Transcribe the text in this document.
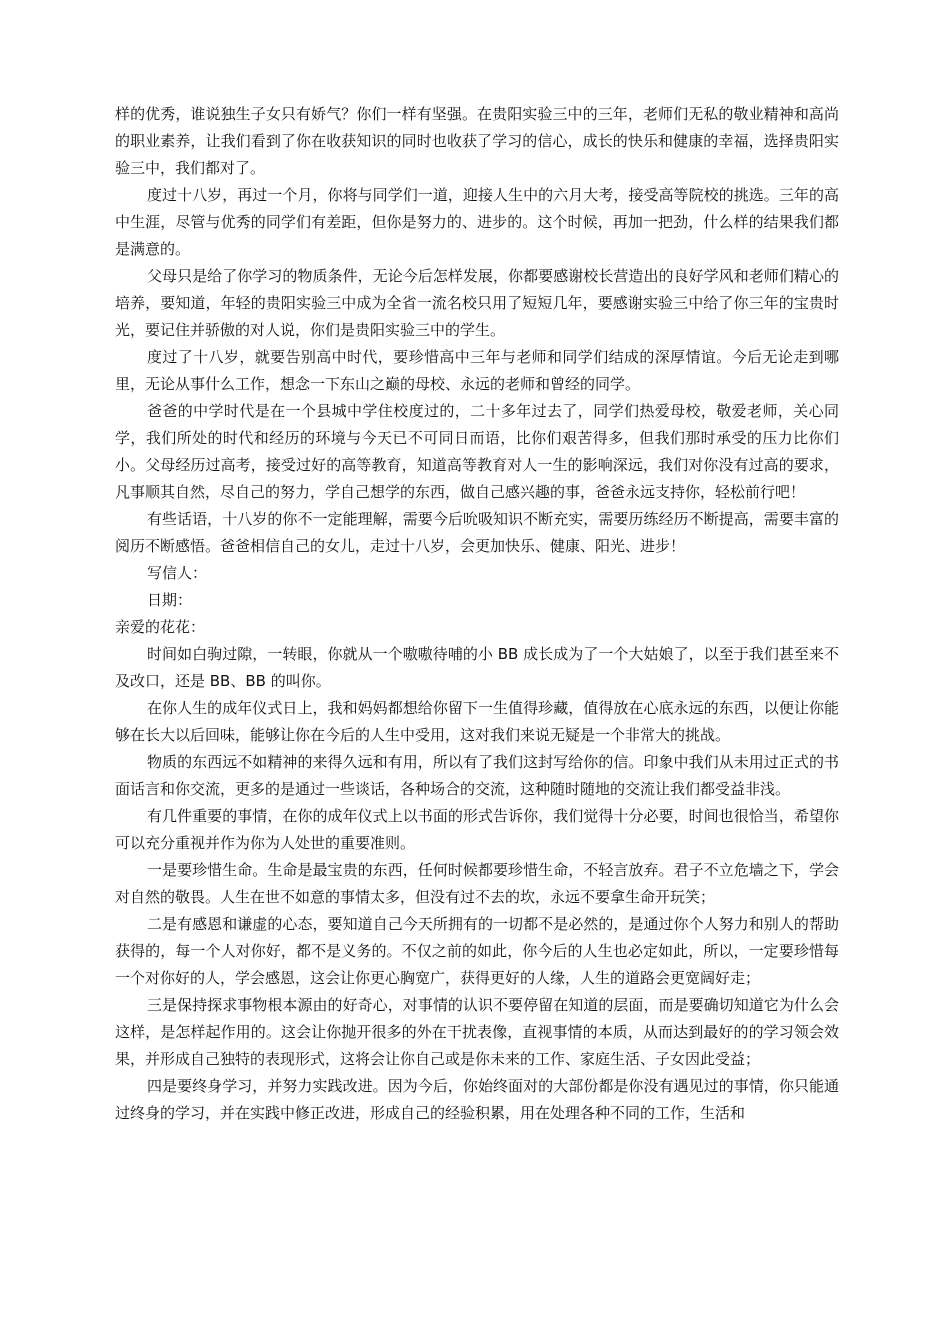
样的优秀，谁说独生子女只有娇气？你们一样有坚强。在贵阳实验三中的三年，老师们无私的敬业精神和高尚的职业素养，让我们看到了你在收获知识的同时也收获了学习的信心，成长的快乐和健康的幸福，选择贵阳实验三中，我们都对了。

度过十八岁，再过一个月，你将与同学们一道，迎接人生中的六月大考，接受高等院校的挑选。三年的高中生涯，尽管与优秀的同学们有差距，但你是努力的、进步的。这个时候，再加一把劲，什么样的结果我们都是满意的。

父母只是给了你学习的物质条件，无论今后怎样发展，你都要感谢校长营造出的良好学风和老师们精心的培养，要知道，年轻的贵阳实验三中成为全省一流名校只用了短短几年，要感谢实验三中给了你三年的宝贵时光，要记住并骄傲的对人说，你们是贵阳实验三中的学生。

度过了十八岁，就要告别高中时代，要珍惜高中三年与老师和同学们结成的深厚情谊。今后无论走到哪里，无论从事什么工作，想念一下东山之巅的母校、永远的老师和曾经的同学。

爸爸的中学时代是在一个县城中学住校度过的，二十多年过去了，同学们热爱母校，敬爱老师，关心同学，我们所处的时代和经历的环境与今天已不可同日而语，比你们艰苦得多，但我们那时承受的压力比你们小。父母经历过高考，接受过好的高等教育，知道高等教育对人一生的影响深远，我们对你没有过高的要求，凡事顺其自然，尽自己的努力，学自己想学的东西，做自己感兴趣的事，爸爸永远支持你，轻松前行吧！

有些话语，十八岁的你不一定能理解，需要今后吮吸知识不断充实，需要历练经历不断提高，需要丰富的阅历不断感悟。爸爸相信自己的女儿，走过十八岁，会更加快乐、健康、阳光、进步！

写信人：

日期：

亲爱的花花：

时间如白驹过隙，一转眼，你就从一个嗷嗷待哺的小 BB 成长成为了一个大姑娘了，以至于我们甚至来不及改口，还是 BB、BB 的叫你。

在你人生的成年仪式日上，我和妈妈都想给你留下一生值得珍藏，值得放在心底永远的东西，以便让你能够在长大以后回味，能够让你在今后的人生中受用，这对我们来说无疑是一个非常大的挑战。

物质的东西远不如精神的来得久远和有用，所以有了我们这封写给你的信。印象中我们从未用过正式的书面话言和你交流，更多的是通过一些谈话，各种场合的交流，这种随时随地的交流让我们都受益非浅。

有几件重要的事情，在你的成年仪式上以书面的形式告诉你，我们觉得十分必要，时间也很恰当，希望你可以充分重视并作为你为人处世的重要准则。

一是要珍惜生命。生命是最宝贵的东西，任何时候都要珍惜生命，不轻言放弃。君子不立危墙之下，学会对自然的敬畏。人生在世不如意的事情太多，但没有过不去的坎，永远不要拿生命开玩笑；

二是有感恩和谦虚的心态，要知道自己今天所拥有的一切都不是必然的，是通过你个人努力和别人的帮助获得的，每一个人对你好，都不是义务的。不仅之前的如此，你今后的人生也必定如此，所以，一定要珍惜每一个对你好的人，学会感恩，这会让你更心胸宽广，获得更好的人缘，人生的道路会更宽阔好走；

三是保持探求事物根本源由的好奇心，对事情的认识不要停留在知道的层面，而是要确切知道它为什么会这样，是怎样起作用的。这会让你抛开很多的外在干扰表像，直视事情的本质，从而达到最好的的学习领会效果，并形成自己独特的表现形式，这将会让你自己或是你未来的工作、家庭生活、子女因此受益；

四是要终身学习，并努力实践改进。因为今后，你始终面对的大部份都是你没有遇见过的事情，你只能通过终身的学习，并在实践中修正改进，形成自己的经验积累，用在处理各种不同的工作，生活和
